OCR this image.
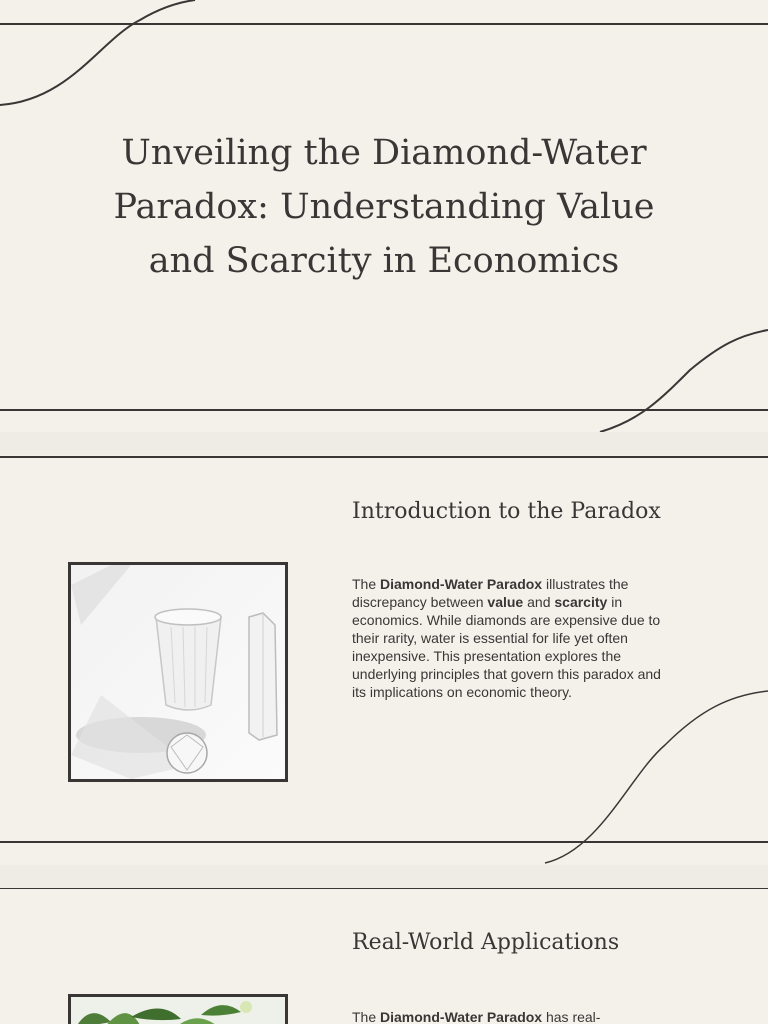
Unveiling the Diamond-Water Paradox: Understanding Value and Scarcity in Economics
Introduction to the Paradox

The Diamond-Water Paradox illustrates the discrepancy between value and scarcity in economics. While diamonds are expensive due to their rarity, water is essential for life yet often inexpensive. This presentation explores the underlying principles that govern this paradox and its implications on economic theory.

Real-World Applications

The Diamond-Water Paradox has real-
